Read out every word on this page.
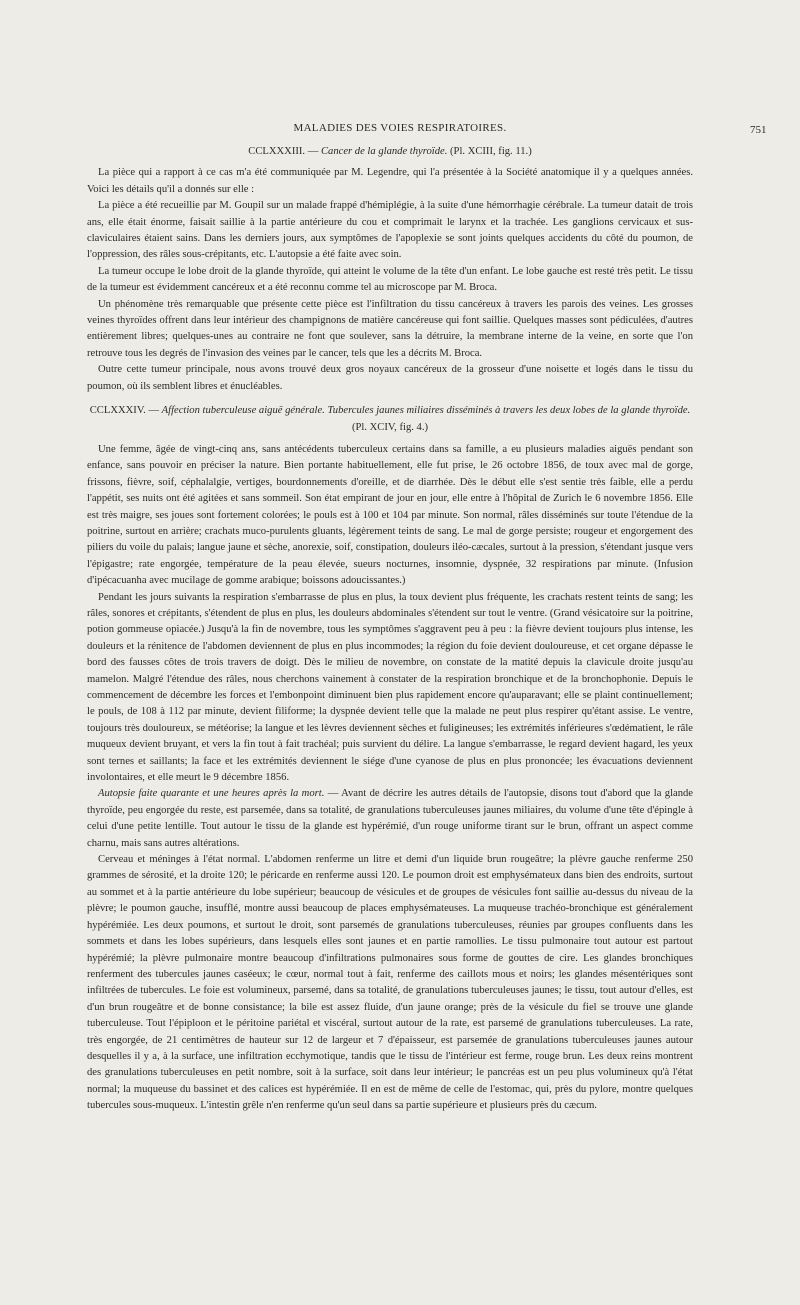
MALADIES DES VOIES RESPIRATOIRES.	751

CCLXXXIII. — Cancer de la glande thyroïde. (Pl. XCIII, fig. 11.)

La pièce qui a rapport à ce cas m'a été communiquée par M. Legendre, qui l'a présentée à la Société anatomique il y a quelques années. Voici les détails qu'il a donnés sur elle :

La pièce a été recueillie par M. Goupil sur un malade frappé d'hémiplégie, à la suite d'une hémorrhagie cérébrale. La tumeur datait de trois ans, elle était énorme, faisait saillie à la partie antérieure du cou et comprimait le larynx et la trachée. Les ganglions cervicaux et sus-claviculaires étaient sains. Dans les derniers jours, aux symptômes de l'apoplexie se sont joints quelques accidents du côté du poumon, de l'oppression, des râles sous-crépitants, etc. L'autopsie a été faite avec soin.

La tumeur occupe le lobe droit de la glande thyroïde, qui atteint le volume de la tête d'un enfant. Le lobe gauche est resté très petit. Le tissu de la tumeur est évidemment cancéreux et a été reconnu comme tel au microscope par M. Broca.

Un phénomène très remarquable que présente cette pièce est l'infiltration du tissu cancéreux à travers les parois des veines. Les grosses veines thyroïdes offrent dans leur intérieur des champignons de matière cancéreuse qui font saillie. Quelques masses sont pédiculées, d'autres entièrement libres; quelques-unes au contraire ne font que soulever, sans la détruire, la membrane interne de la veine, en sorte que l'on retrouve tous les degrés de l'invasion des veines par le cancer, tels que les a décrits M. Broca.

Outre cette tumeur principale, nous avons trouvé deux gros noyaux cancéreux de la grosseur d'une noisette et logés dans le tissu du poumon, où ils semblent libres et énucléables.

CCLXXXIV. — Affection tuberculeuse aiguë générale. Tubercules jaunes miliaires disséminés à travers les deux lobes de la glande thyroïde.

(Pl. XCIV, fig. 4.)

Une femme, âgée de vingt-cinq ans, sans antécédents tuberculeux certains dans sa famille, a eu plusieurs maladies aiguës pendant son enfance, sans pouvoir en préciser la nature. Bien portante habituellement, elle fut prise, le 26 octobre 1856, de toux avec mal de gorge, frissons, fièvre, soif, céphalalgie, vertiges, bourdonnements d'oreille, et de diarrhée. Dès le début elle s'est sentie très faible, elle a perdu l'appétit, ses nuits ont été agitées et sans sommeil. Son état empirant de jour en jour, elle entre à l'hôpital de Zurich le 6 novembre 1856. Elle est très maigre, ses joues sont fortement colorées; le pouls est à 100 et 104 par minute. Son normal, râles disséminés sur toute l'étendue de la poitrine, surtout en arrière; crachats muco-purulents gluants, légèrement teints de sang. Le mal de gorge persiste; rougeur et engorgement des piliers du voile du palais; langue jaune et sèche, anorexie, soif, constipation, douleurs iléo-cæcales, surtout à la pression, s'étendant jusque vers l'épigastre; rate engorgée, température de la peau élevée, sueurs nocturnes, insomnie, dyspnée, 32 respirations par minute. (Infusion d'ipécacuanha avec mucilage de gomme arabique; boissons adoucissantes.)

Pendant les jours suivants la respiration s'embarrasse de plus en plus, la toux devient plus fréquente, les crachats restent teints de sang; les râles, sonores et crépitants, s'étendent de plus en plus, les douleurs abdominales s'étendent sur tout le ventre. (Grand vésicatoire sur la poitrine, potion gommeuse opiacée.) Jusqu'à la fin de novembre, tous les symptômes s'aggravent peu à peu : la fièvre devient toujours plus intense, les douleurs et la rénitence de l'abdomen deviennent de plus en plus incommodes; la région du foie devient douloureuse, et cet organe dépasse le bord des fausses côtes de trois travers de doigt. Dès le milieu de novembre, on constate de la matité depuis la clavicule droite jusqu'au mamelon. Malgré l'étendue des râles, nous cherchons vainement à constater de la respiration bronchique et de la bronchophonie. Depuis le commencement de décembre les forces et l'embonpoint diminuent bien plus rapidement encore qu'auparavant; elle se plaint continuellement; le pouls, de 108 à 112 par minute, devient filiforme; la dyspnée devient telle que la malade ne peut plus respirer qu'étant assise. Le ventre, toujours très douloureux, se météorise; la langue et les lèvres deviennent sèches et fuligineuses; les extrémités inférieures s'œdématient, le râle muqueux devient bruyant, et vers la fin tout à fait trachéal; puis survient du délire. La langue s'embarrasse, le regard devient hagard, les yeux sont ternes et saillants; la face et les extrémités deviennent le siége d'une cyanose de plus en plus prononcée; les évacuations deviennent involontaires, et elle meurt le 9 décembre 1856.

Autopsie faite quarante et une heures après la mort. — Avant de décrire les autres détails de l'autopsie, disons tout d'abord que la glande thyroïde, peu engorgée du reste, est parsemée, dans sa totalité, de granulations tuberculeuses jaunes miliaires, du volume d'une tête d'épingle à celui d'une petite lentille. Tout autour le tissu de la glande est hypérémié, d'un rouge uniforme tirant sur le brun, offrant un aspect comme charnu, mais sans autres altérations.

Cerveau et méninges à l'état normal. L'abdomen renferme un litre et demi d'un liquide brun rougeâtre; la plèvre gauche renferme 250 grammes de sérosité, et la droite 120; le péricarde en renferme aussi 120. Le poumon droit est emphysémateux dans bien des endroits, surtout au sommet et à la partie antérieure du lobe supérieur; beaucoup de vésicules et de groupes de vésicules font saillie au-dessus du niveau de la plèvre; le poumon gauche, insufflé, montre aussi beaucoup de places emphysémateuses. La muqueuse trachéo-bronchique est généralement hypérémiée. Les deux poumons, et surtout le droit, sont parsemés de granulations tuberculeuses, réunies par groupes confluents dans les sommets et dans les lobes supérieurs, dans lesquels elles sont jaunes et en partie ramollies. Le tissu pulmonaire tout autour est partout hypérémié; la plèvre pulmonaire montre beaucoup d'infiltrations pulmonaires sous forme de gouttes de cire. Les glandes bronchiques renferment des tubercules jaunes caséeux; le cœur, normal tout à fait, renferme des caillots mous et noirs; les glandes mésentériques sont infiltrées de tubercules. Le foie est volumineux, parsemé, dans sa totalité, de granulations tuberculeuses jaunes; le tissu, tout autour d'elles, est d'un brun rougeâtre et de bonne consistance; la bile est assez fluide, d'un jaune orange; près de la vésicule du fiel se trouve une glande tuberculeuse. Tout l'épiploon et le péritoine pariétal et viscéral, surtout autour de la rate, est parsemé de granulations tuberculeuses. La rate, très engorgée, de 21 centimètres de hauteur sur 12 de largeur et 7 d'épaisseur, est parsemée de granulations tuberculeuses jaunes autour desquelles il y a, à la surface, une infiltration ecchymotique, tandis que le tissu de l'intérieur est ferme, rouge brun. Les deux reins montrent des granulations tuberculeuses en petit nombre, soit à la surface, soit dans leur intérieur; le pancréas est un peu plus volumineux qu'à l'état normal; la muqueuse du bassinet et des calices est hypérémiée. Il en est de même de celle de l'estomac, qui, près du pylore, montre quelques tubercules sous-muqueux. L'intestin grêle n'en renferme qu'un seul dans sa partie supérieure et plusieurs près du cæcum.
